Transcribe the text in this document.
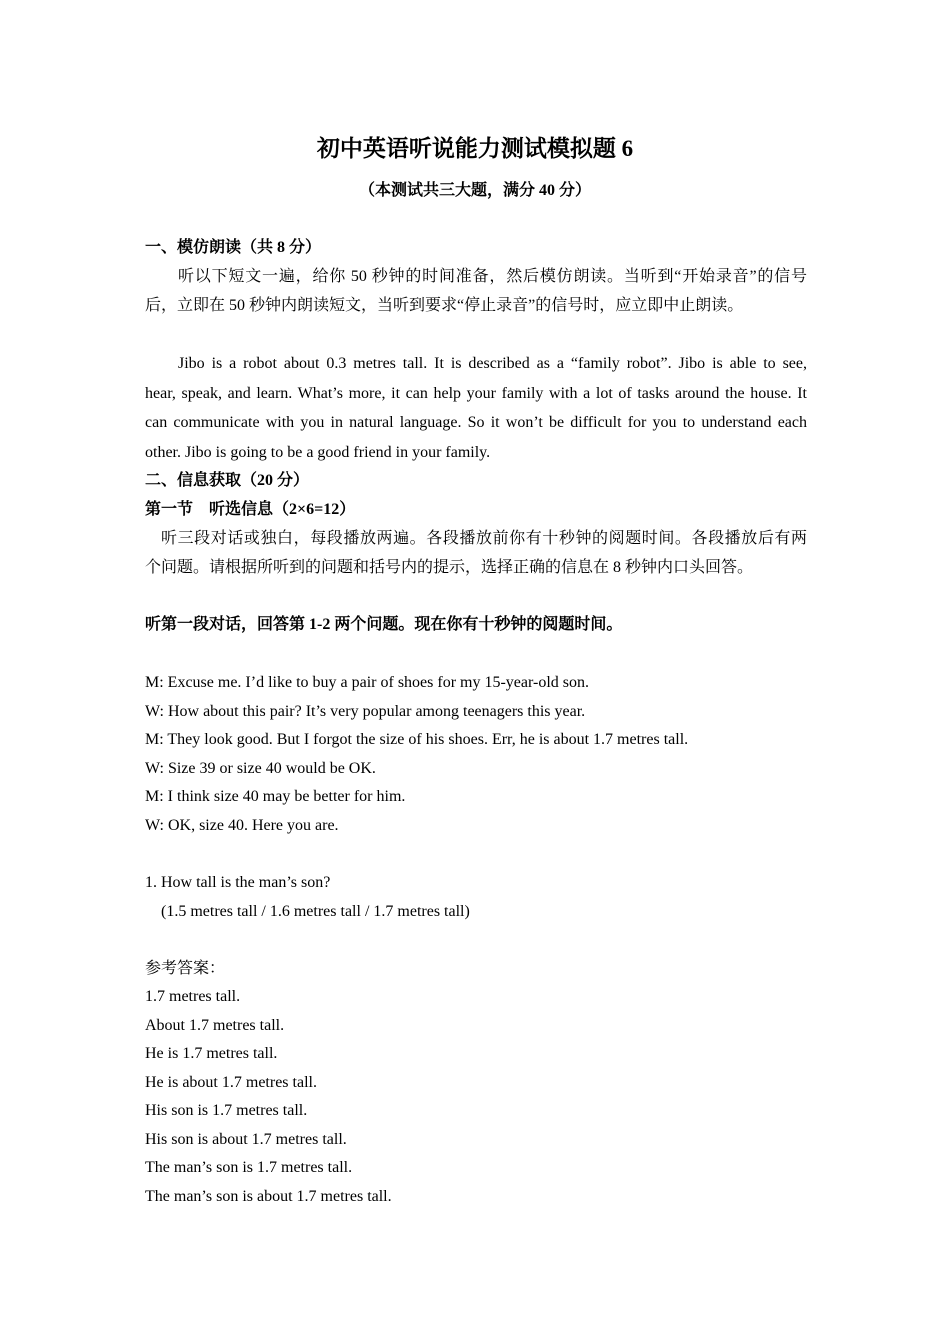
初中英语听说能力测试模拟题 6
（本测试共三大题，满分 40 分）
一、模仿朗读（共 8 分）
听以下短文一遍，给你 50 秒钟的时间准备，然后模仿朗读。当听到“开始录音”的信号
后，立即在 50 秒钟内朗读短文，当听到要求“停止录音”的信号时，应立即中止朗读。
Jibo is a robot about 0.3 metres tall. It is described as a “family robot”. Jibo is able to see,
hear, speak, and learn. What’s more, it can help your family with a lot of tasks around the house. It
can communicate with you in natural language. So it won’t be difficult for you to understand each
other. Jibo is going to be a good friend in your family.
二、信息获取（20 分）
第一节    听选信息（2×6=12）
听三段对话或独白，每段播放两遍。各段播放前你有十秒钟的阅题时间。各段播放后有两
个问题。请根据所听到的问题和括号内的提示，选择正确的信息在 8 秒钟内口头回答。
听第一段对话，回答第 1-2 两个问题。现在你有十秒钟的阅题时间。
M: Excuse me. I’d like to buy a pair of shoes for my 15-year-old son.
W: How about this pair? It’s very popular among teenagers this year.
M: They look good. But I forgot the size of his shoes. Err, he is about 1.7 metres tall.
W: Size 39 or size 40 would be OK.
M: I think size 40 may be better for him.
W: OK, size 40. Here you are.
1. How tall is the man’s son?
(1.5 metres tall / 1.6 metres tall / 1.7 metres tall)
参考答案：
1.7 metres tall.
About 1.7 metres tall.
He is 1.7 metres tall.
He is about 1.7 metres tall.
His son is 1.7 metres tall.
His son is about 1.7 metres tall.
The man’s son is 1.7 metres tall.
The man’s son is about 1.7 metres tall.
